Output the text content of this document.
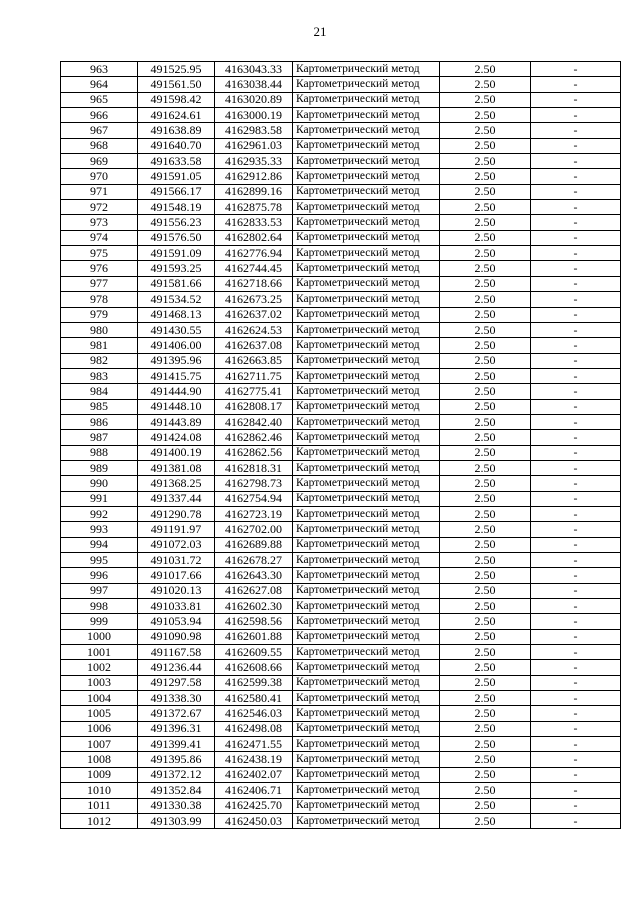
21
963	491525.95	4163043.33	Картометрический метод	2.50	-
964	491561.50	4163038.44	Картометрический метод	2.50	-
965	491598.42	4163020.89	Картометрический метод	2.50	-
966	491624.61	4163000.19	Картометрический метод	2.50	-
967	491638.89	4162983.58	Картометрический метод	2.50	-
968	491640.70	4162961.03	Картометрический метод	2.50	-
969	491633.58	4162935.33	Картометрический метод	2.50	-
970	491591.05	4162912.86	Картометрический метод	2.50	-
971	491566.17	4162899.16	Картометрический метод	2.50	-
972	491548.19	4162875.78	Картометрический метод	2.50	-
973	491556.23	4162833.53	Картометрический метод	2.50	-
974	491576.50	4162802.64	Картометрический метод	2.50	-
975	491591.09	4162776.94	Картометрический метод	2.50	-
976	491593.25	4162744.45	Картометрический метод	2.50	-
977	491581.66	4162718.66	Картометрический метод	2.50	-
978	491534.52	4162673.25	Картометрический метод	2.50	-
979	491468.13	4162637.02	Картометрический метод	2.50	-
980	491430.55	4162624.53	Картометрический метод	2.50	-
981	491406.00	4162637.08	Картометрический метод	2.50	-
982	491395.96	4162663.85	Картометрический метод	2.50	-
983	491415.75	4162711.75	Картометрический метод	2.50	-
984	491444.90	4162775.41	Картометрический метод	2.50	-
985	491448.10	4162808.17	Картометрический метод	2.50	-
986	491443.89	4162842.40	Картометрический метод	2.50	-
987	491424.08	4162862.46	Картометрический метод	2.50	-
988	491400.19	4162862.56	Картометрический метод	2.50	-
989	491381.08	4162818.31	Картометрический метод	2.50	-
990	491368.25	4162798.73	Картометрический метод	2.50	-
991	491337.44	4162754.94	Картометрический метод	2.50	-
992	491290.78	4162723.19	Картометрический метод	2.50	-
993	491191.97	4162702.00	Картометрический метод	2.50	-
994	491072.03	4162689.88	Картометрический метод	2.50	-
995	491031.72	4162678.27	Картометрический метод	2.50	-
996	491017.66	4162643.30	Картометрический метод	2.50	-
997	491020.13	4162627.08	Картометрический метод	2.50	-
998	491033.81	4162602.30	Картометрический метод	2.50	-
999	491053.94	4162598.56	Картометрический метод	2.50	-
1000	491090.98	4162601.88	Картометрический метод	2.50	-
1001	491167.58	4162609.55	Картометрический метод	2.50	-
1002	491236.44	4162608.66	Картометрический метод	2.50	-
1003	491297.58	4162599.38	Картометрический метод	2.50	-
1004	491338.30	4162580.41	Картометрический метод	2.50	-
1005	491372.67	4162546.03	Картометрический метод	2.50	-
1006	491396.31	4162498.08	Картометрический метод	2.50	-
1007	491399.41	4162471.55	Картометрический метод	2.50	-
1008	491395.86	4162438.19	Картометрический метод	2.50	-
1009	491372.12	4162402.07	Картометрический метод	2.50	-
1010	491352.84	4162406.71	Картометрический метод	2.50	-
1011	491330.38	4162425.70	Картометрический метод	2.50	-
1012	491303.99	4162450.03	Картометрический метод	2.50	-
